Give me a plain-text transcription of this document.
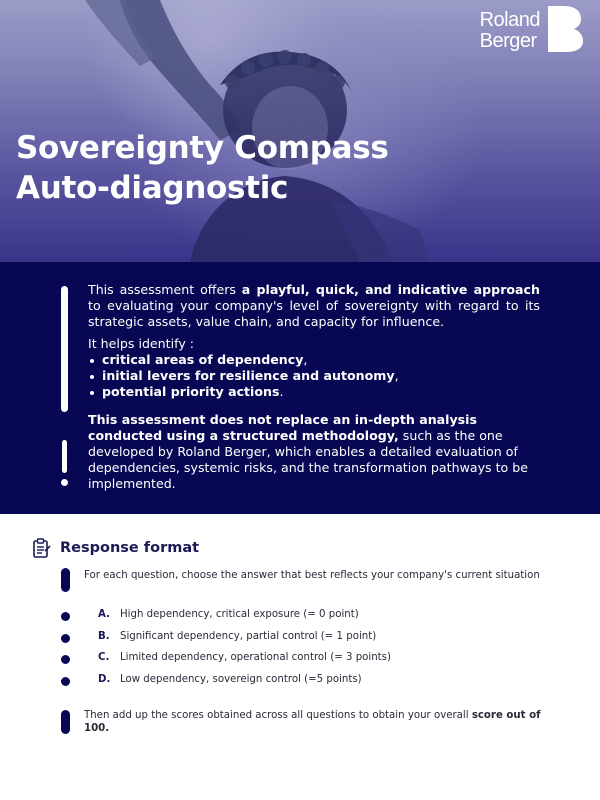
Roland
Berger
Sovereignty Compass
Auto-diagnostic

This assessment offers a playful, quick, and indicative approach to evaluating your company's level of sovereignty with regard to its strategic assets, value chain, and capacity for influence.

It helps identify :

critical areas of dependency,
initial levers for resilience and autonomy,
potential priority actions.

This assessment does not replace an in-depth analysis conducted using a structured methodology, such as the one developed by Roland Berger, which enables a detailed evaluation of dependencies, systemic risks, and the transformation pathways to be implemented.

Response format

For each question, choose the answer that best reflects your company's current situation

A. High dependency, critical exposure (= 0 point)
B. Significant dependency, partial control (= 1 point)
C. Limited dependency, operational control (= 3 points)
D. Low dependency, sovereign control (=5 points)

Then add up the scores obtained across all questions to obtain your overall score out of 100.
